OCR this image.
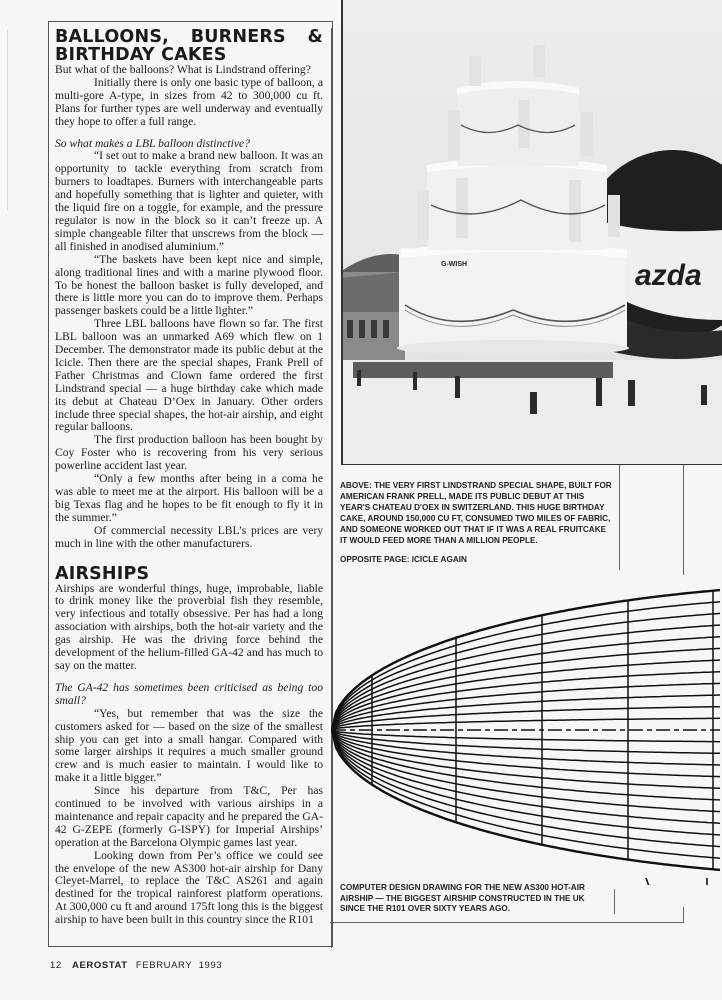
BALLOONS, BURNERS & BIRTHDAY CAKES

But what of the balloons? What is Lindstrand offering?

Initially there is only one basic type of balloon, a multi-gore A-type, in sizes from 42 to 300,000 cu ft. Plans for further types are well underway and eventually they hope to offer a full range.

So what makes a LBL balloon distinctive?

“I set out to make a brand new balloon. It was an opportunity to tackle everything from scratch from burners to loadtapes. Burners with interchangeable parts and hopefully something that is lighter and quieter, with the liquid fire on a toggle, for example, and the pressure regulator is now in the block so it can’t freeze up. A simple changeable filter that unscrews from the block — all finished in anodised aluminium.”

“The baskets have been kept nice and simple, along traditional lines and with a marine plywood floor. To be honest the balloon basket is fully developed, and there is little more you can do to improve them. Perhaps passenger baskets could be a little lighter.”

Three LBL balloons have flown so far. The first LBL balloon was an unmarked A69 which flew on 1 December. The demonstrator made its public debut at the Icicle. Then there are the special shapes, Frank Prell of Father Christmas and Clown fame ordered the first Lindstrand special — a huge birthday cake which made its debut at Chateau D’Oex in January. Other orders include three special shapes, the hot-air airship, and eight regular balloons.

The first production balloon has been bought by Coy Foster who is recovering from his very serious powerline accident last year.

“Only a few months after being in a coma he was able to meet me at the airport. His balloon will be a big Texas flag and he hopes to be fit enough to fly it in the summer.”

Of commercial necessity LBL’s prices are very much in line with the other manufacturers.

AIRSHIPS

Airships are wonderful things, huge, improbable, liable to drink money like the proverbial fish they resemble, very infectious and totally obsessive. Per has had a long association with airships, both the hot-air variety and the gas airship. He was the driving force behind the development of the helium-filled GA-42 and has much to say on the matter.

The GA-42 has sometimes been criticised as being too small?

“Yes, but remember that was the size the customers asked for — based on the size of the smallest ship you can get into a small hangar. Compared with some larger airships it requires a much smaller ground crew and is much easier to maintain. I would like to make it a little bigger.”

Since his departure from T&C, Per has continued to be involved with various airships in a maintenance and repair capacity and he prepared the GA-42 G-ZEPE (formerly G-ISPY) for Imperial Airships’ operation at the Barcelona Olympic games last year.

Looking down from Per’s office we could see the envelope of the new AS300 hot-air airship for Dany Cleyet-Marrel, to replace the T&C AS261 and again destined for the tropical rainforest platform operations. At 300,000 cu ft and around 175ft long this is the biggest airship to have been built in this country since the R101

azda
G-WISH
ABOVE: THE VERY FIRST LINDSTRAND SPECIAL SHAPE, BUILT FOR AMERICAN FRANK PRELL, MADE ITS PUBLIC DEBUT AT THIS YEAR'S CHATEAU D'OEX IN SWITZERLAND. THIS HUGE BIRTHDAY CAKE, AROUND 150,000 CU FT, CONSUMED TWO MILES OF FABRIC, AND SOMEONE WORKED OUT THAT IF IT WAS A REAL FRUITCAKE IT WOULD FEED MORE THAN A MILLION PEOPLE.
OPPOSITE PAGE: ICICLE AGAIN
COMPUTER DESIGN DRAWING FOR THE NEW AS300 HOT-AIR AIRSHIP — THE BIGGEST AIRSHIP CONSTRUCTED IN THE UK SINCE THE R101 OVER SIXTY YEARS AGO.
12 AEROSTAT FEBRUARY  1993
